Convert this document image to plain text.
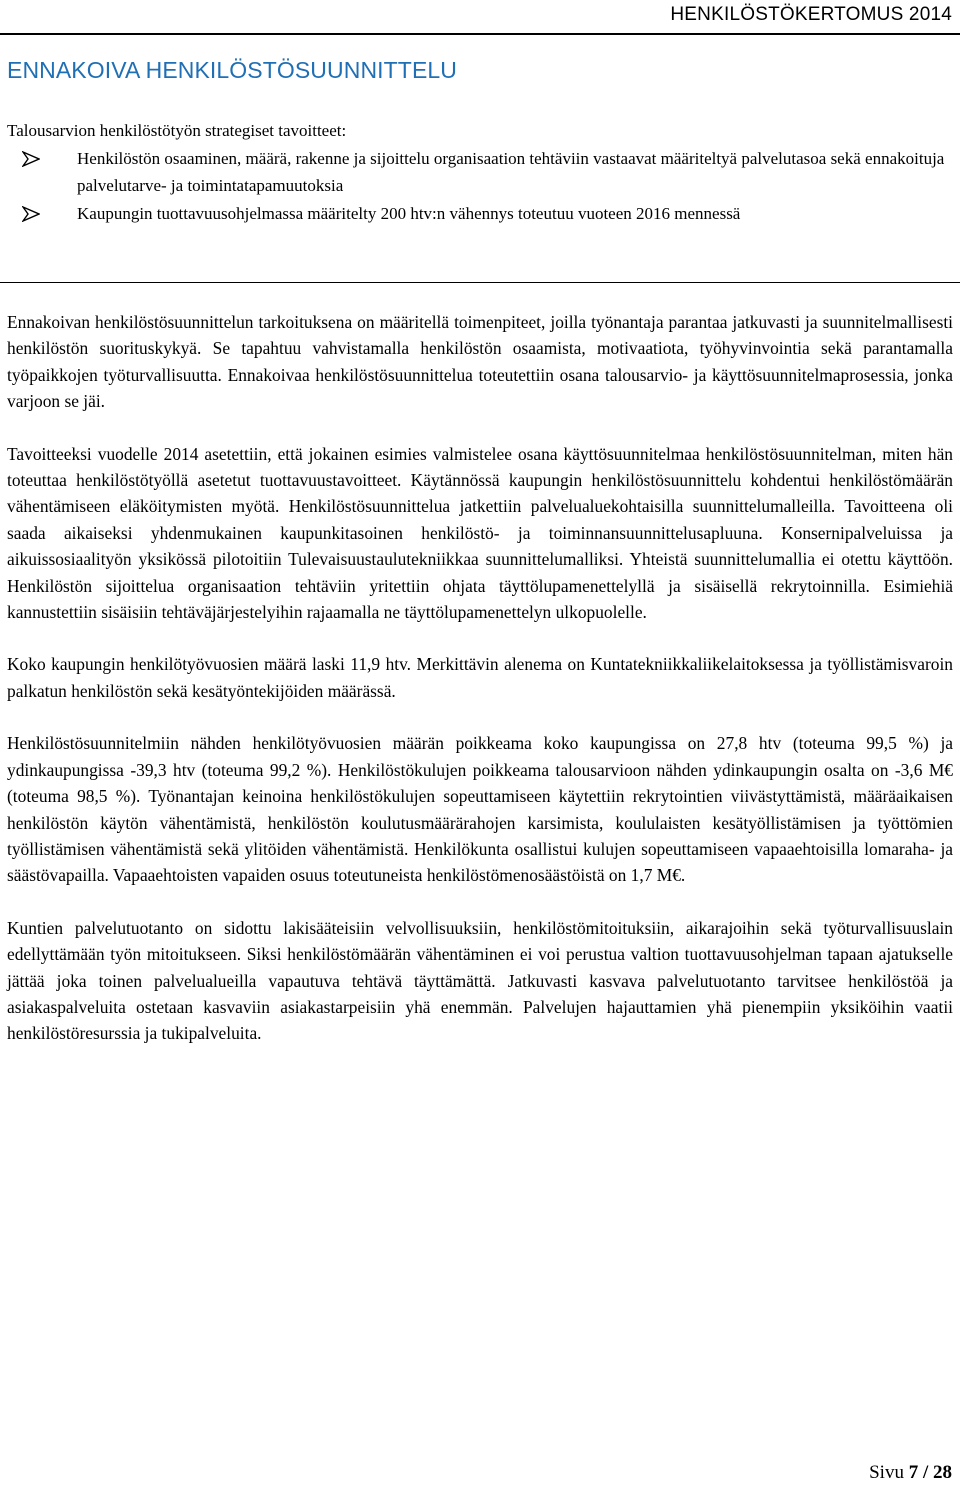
HENKILÖSTÖKERTOMUS 2014
ENNAKOIVA HENKILÖSTÖSUUNNITTELU

Talousarvion henkilöstötyön strategiset tavoitteet:

Henkilöstön osaaminen, määrä, rakenne ja sijoittelu organisaation tehtäviin vastaavat määriteltyä palvelutasoa sekä ennakoituja palvelutarve- ja toimintatapamuutoksia
Kaupungin tuottavuusohjelmassa määritelty 200 htv:n vähennys toteutuu vuoteen 2016 mennessä

Ennakoivan henkilöstösuunnittelun tarkoituksena on määritellä toimenpiteet, joilla työnantaja parantaa jatkuvasti ja suunnitelmallisesti henkilöstön suorituskykyä. Se tapahtuu vahvistamalla henkilöstön osaamista, motivaatiota, työhyvinvointia sekä parantamalla työpaikkojen työturvallisuutta. Ennakoivaa henkilöstösuunnittelua toteutettiin osana talousarvio- ja käyttösuunnitelmaprosessia, jonka varjoon se jäi.

Tavoitteeksi vuodelle 2014 asetettiin, että jokainen esimies valmistelee osana käyttösuunnitelmaa henkilöstösuunnitelman, miten hän toteuttaa henkilöstötyöllä asetetut tuottavuustavoitteet. Käytännössä kaupungin henkilöstösuunnittelu kohdentui henkilöstömäärän vähentämiseen eläköitymisten myötä. Henkilöstösuunnittelua jatkettiin palvelualuekohtaisilla suunnittelumalleilla. Tavoitteena oli saada aikaiseksi yhdenmukainen kaupunkitasoinen henkilöstö- ja toiminnansuunnittelusapluuna. Konsernipalveluissa ja aikuissosiaalityön yksikössä pilotoitiin Tulevaisuustaulutekniikkaa suunnittelumalliksi. Yhteistä suunnittelumallia ei otettu käyttöön. Henkilöstön sijoittelua organisaation tehtäviin yritettiin ohjata täyttölupamenettelyllä ja sisäisellä rekrytoinnilla. Esimiehiä kannustettiin sisäisiin tehtäväjärjestelyihin rajaamalla ne täyttölupamenettelyn ulkopuolelle.

Koko kaupungin henkilötyövuosien määrä laski 11,9 htv. Merkittävin alenema on Kuntatekniikkaliikelaitoksessa ja työllistämisvaroin palkatun henkilöstön sekä kesätyöntekijöiden määrässä.

Henkilöstösuunnitelmiin nähden henkilötyövuosien määrän poikkeama koko kaupungissa on 27,8 htv (toteuma 99,5 %) ja ydinkaupungissa -39,3 htv (toteuma 99,2 %). Henkilöstökulujen poikkeama talousarvioon nähden ydinkaupungin osalta on -3,6 M€ (toteuma 98,5 %). Työnantajan keinoina henkilöstökulujen sopeuttamiseen käytettiin rekrytointien viivästyttämistä, määräaikaisen henkilöstön käytön vähentämistä, henkilöstön koulutusmäärärahojen karsimista, koululaisten kesätyöllistämisen ja työttömien työllistämisen vähentämistä sekä ylitöiden vähentämistä. Henkilökunta osallistui kulujen sopeuttamiseen vapaaehtoisilla lomaraha- ja säästövapailla. Vapaaehtoisten vapaiden osuus toteutuneista henkilöstömenosäästöistä on 1,7 M€.

Kuntien palvelutuotanto on sidottu lakisääteisiin velvollisuuksiin, henkilöstömitoituksiin, aikarajoihin sekä työturvallisuuslain edellyttämään työn mitoitukseen. Siksi henkilöstömäärän vähentäminen ei voi perustua valtion tuottavuusohjelman tapaan ajatukselle jättää joka toinen palvelualueilla vapautuva tehtävä täyttämättä. Jatkuvasti kasvava palvelutuotanto tarvitsee henkilöstöä ja asiakaspalveluita ostetaan kasvaviin asiakastarpeisiin yhä enemmän. Palvelujen hajauttamien yhä pienempiin yksiköihin vaatii henkilöstöresurssia ja tukipalveluita.

Sivu 7 / 28
